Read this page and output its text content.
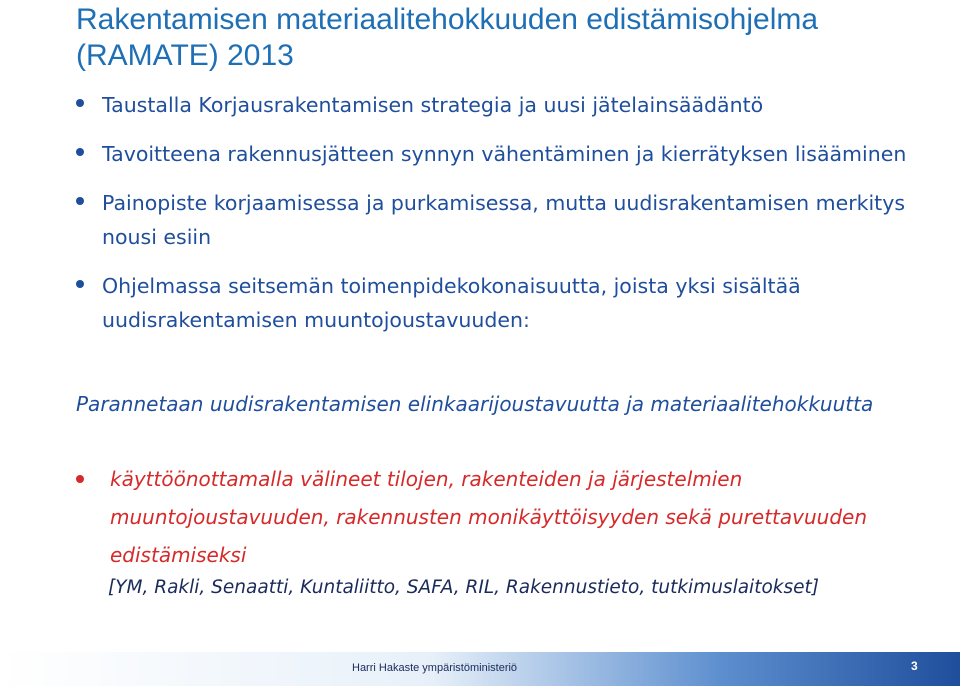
Rakentamisen materiaalitehokkuuden edistämisohjelma (RAMATE) 2013
Taustalla Korjausrakentamisen strategia ja uusi jätelainsäädäntö
Tavoitteena rakennusjätteen synnyn vähentäminen ja kierrätyksen lisääminen
Painopiste korjaamisessa ja purkamisessa, mutta uudisrakentamisen merkitys nousi esiin
Ohjelmassa seitsemän toimenpidekokonaisuutta, joista yksi sisältää uudisrakentamisen muuntojoustavuuden:
Parannetaan uudisrakentamisen elinkaarijoustavuutta ja materiaalitehokkuutta
käyttöönottamalla välineet tilojen, rakenteiden ja järjestelmien muuntojoustavuuden, rakennusten monikäyttöisyyden sekä purettavuuden edistämiseksi
[YM, Rakli, Senaatti, Kuntaliitto, SAFA, RIL, Rakennustieto, tutkimuslaitokset]
Harri Hakaste ympäristöministeriö	3
